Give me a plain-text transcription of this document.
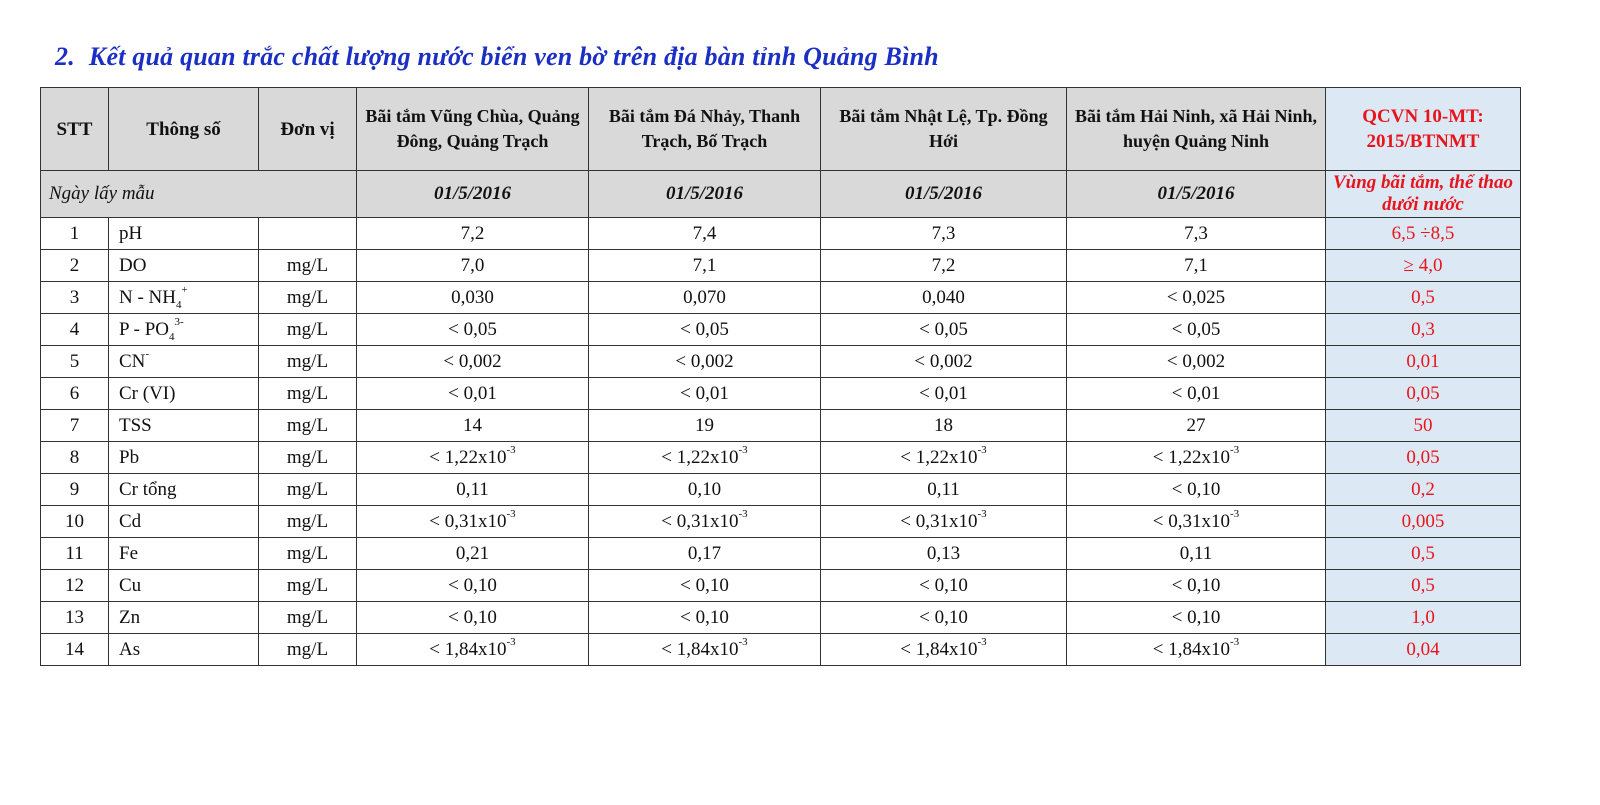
2. Kết quả quan trắc chất lượng nước biển ven bờ trên địa bàn tỉnh Quảng Bình
STT	Thông số	Đơn vị	Bãi tắm Vũng Chùa, Quảng Đông, Quảng Trạch	Bãi tắm Đá Nhảy, Thanh Trạch, Bố Trạch	Bãi tắm Nhật Lệ, Tp. Đồng Hới	Bãi tắm Hải Ninh, xã Hải Ninh, huyện Quảng Ninh	QCVN 10-MT: 2015/BTNMT
Ngày lấy mẫu			01/5/2016	01/5/2016	01/5/2016	01/5/2016	Vùng bãi tắm, thể thao dưới nước
1	pH		7,2	7,4	7,3	7,3	6,5 ÷8,5
2	DO	mg/L	7,0	7,1	7,2	7,1	≥ 4,0
3	N - $NH_4^+$	mg/L	0,030	0,070	0,040	< 0,025	0,5
4	P - $PO_4^{3-}$	mg/L	< 0,05	< 0,05	< 0,05	< 0,05	0,3
5	CN-	mg/L	< 0,002	< 0,002	< 0,002	< 0,002	0,01
6	Cr (VI)	mg/L	< 0,01	< 0,01	< 0,01	< 0,01	0,05
7	TSS	mg/L	14	19	18	27	50
8	Pb	mg/L	< $1,22x10^{-3}$	< $1,22x10^{-3}$	< $1,22x10^{-3}$	< $1,22x10^{-3}$	0,05
9	Cr tổng	mg/L	0,11	0,10	0,11	< 0,10	0,2
10	Cd	mg/L	< $0,31x10^{-3}$	< $0,31x10^{-3}$	< $0,31x10^{-3}$	< $0,31x10^{-3}$	0,005
11	Fe	mg/L	0,21	0,17	0,13	0,11	0,5
12	Cu	mg/L	< 0,10	< 0,10	< 0,10	< 0,10	0,5
13	Zn	mg/L	< 0,10	< 0,10	< 0,10	< 0,10	1,0
14	As	mg/L	< $1,84x10^{-3}$	< $1,84x10^{-3}$	< $1,84x10^{-3}$	< $1,84x10^{-3}$	0,04
